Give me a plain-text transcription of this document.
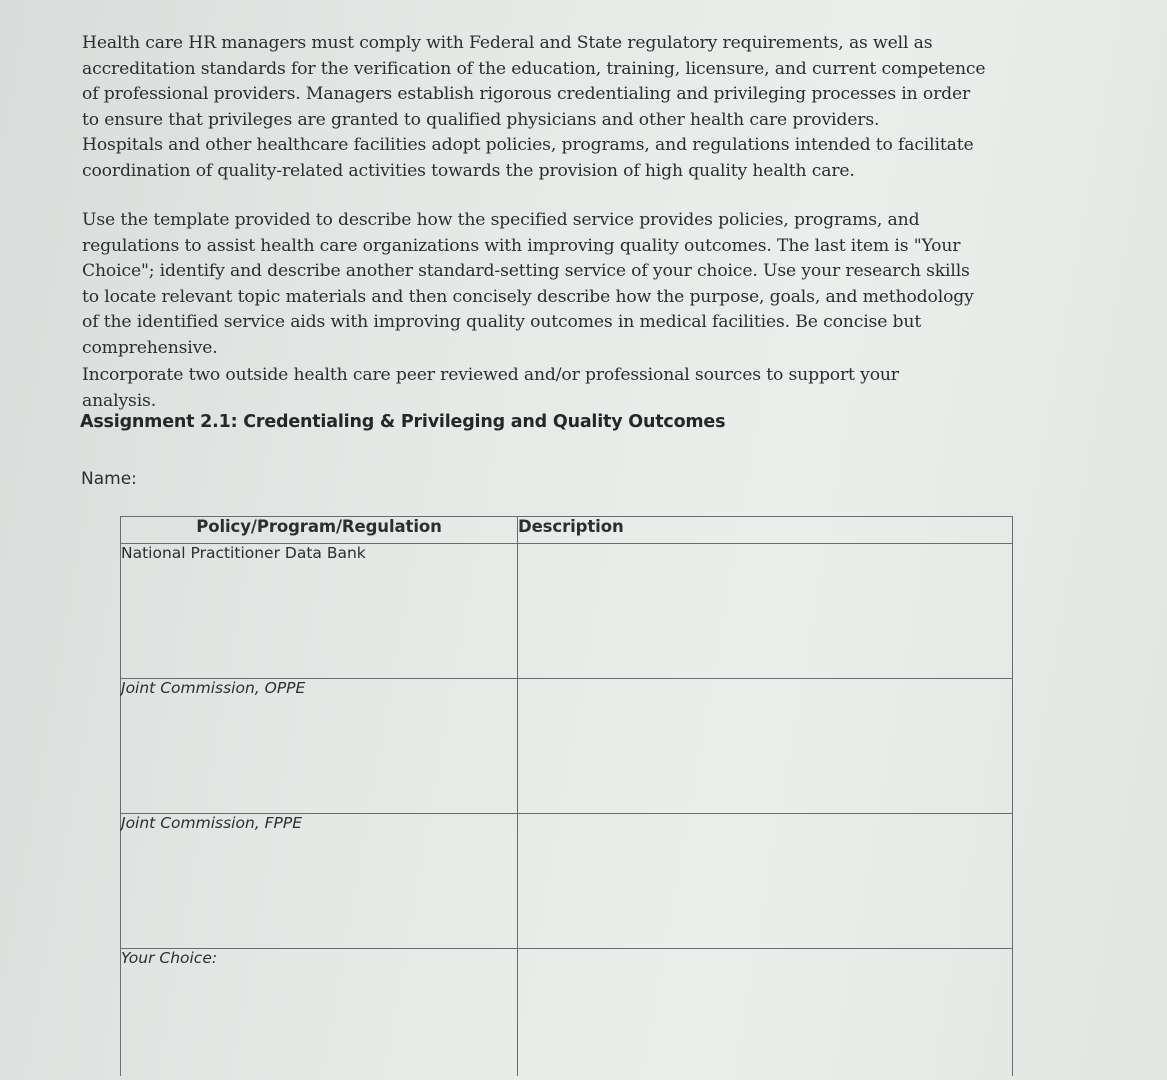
Health care HR managers must comply with Federal and State regulatory requirements, as well as
accreditation standards for the verification of the education, training, licensure, and current competence
of professional providers. Managers establish rigorous credentialing and privileging processes in order
to ensure that privileges are granted to qualified physicians and other health care providers.
Hospitals and other healthcare facilities adopt policies, programs, and regulations intended to facilitate
coordination of quality-related activities towards the provision of high quality health care.

Use the template provided to describe how the specified service provides policies, programs, and
regulations to assist health care organizations with improving quality outcomes. The last item is "Your
Choice"; identify and describe another standard-setting service of your choice. Use your research skills
to locate relevant topic materials and then concisely describe how the purpose, goals, and methodology
of the identified service aids with improving quality outcomes in medical facilities. Be concise but
comprehensive.

Incorporate two outside health care peer reviewed and/or professional sources to support your
analysis.

Assignment 2.1: Credentialing & Privileging and Quality Outcomes
Name:
Policy/Program/Regulation	Description
National Practitioner Data Bank	
Joint Commission, OPPE	
Joint Commission, FPPE	
Your Choice:	
